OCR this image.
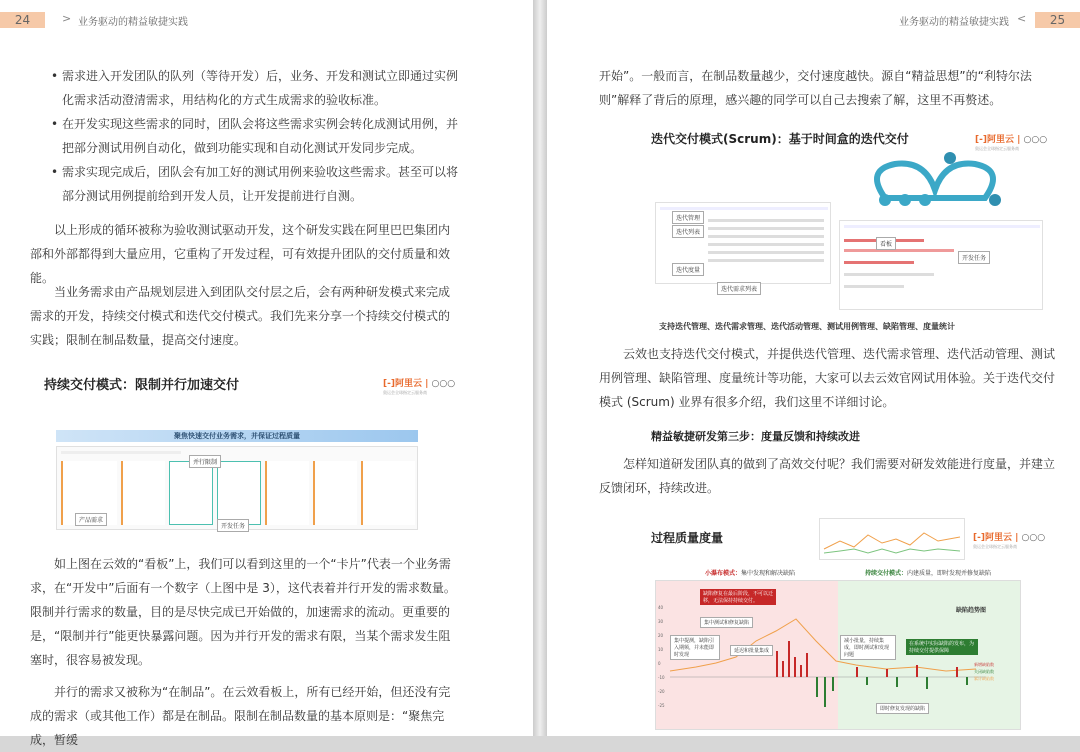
24	> 业务驱动的精益敏捷实践
• 需求进入开发团队的队列（等待开发）后，业务、开发和测试立即通过实例化需求活动澄清需求，用结构化的方式生成需求的验收标准。
• 在开发实现这些需求的同时，团队会将这些需求实例会转化成测试用例，并把部分测试用例自动化，做到功能实现和自动化测试开发同步完成。
• 需求实现完成后，团队会有加工好的测试用例来验收这些需求。甚至可以将部分测试用例提前给到开发人员，让开发提前进行自测。
以上形成的循环被称为验收测试驱动开发，这个研发实践在阿里巴巴集团内部和外部都得到大量应用，它重构了开发过程，可有效提升团队的交付质量和效能。
当业务需求由产品规划层进入到团队交付层之后，会有两种研发模式来完成需求的开发，持续交付模式和迭代交付模式。我们先来分享一个持续交付模式的实践；限制在制品数量，提高交付速度。
持续交付模式：限制并行加速交付	[-]阿里云 | ○○○
奥运会全球指定云服务商
聚焦快速交付业务需求，并保证过程质量
并行限制
产品需求
开发任务
如上图在云效的“看板”上，我们可以看到这里的一个“卡片”代表一个业务需求，在“开发中”后面有一个数字（上图中是 3），这代表着并行开发的需求数量。限制并行需求的数量，目的是尽快完成已开始做的，加速需求的流动。更重要的是，“限制并行”能更快暴露问题。因为并行开发的需求有限，当某个需求发生阻塞时，很容易被发现。
并行的需求又被称为“在制品”。在云效看板上，所有已经开始，但还没有完成的需求（或其他工作）都是在制品。限制在制品数量的基本原则是：“聚焦完成，暂缓
业务驱动的精益敏捷实践 <	25
开始”。一般而言，在制品数量越少，交付速度越快。源自“精益思想”的“利特尔法则”解释了背后的原理，感兴趣的同学可以自己去搜索了解，这里不再赘述。
迭代交付模式(Scrum)：基于时间盒的迭代交付	[-]阿里云 | ○○○
奥运会全球指定云服务商
迭代管理
迭代列表
迭代度量
迭代需求列表
看板
开发任务
支持迭代管理、迭代需求管理、迭代活动管理、测试用例管理、缺陷管理、度量统计
云效也支持迭代交付模式，并提供迭代管理、迭代需求管理、迭代活动管理、测试用例管理、缺陷管理、度量统计等功能，大家可以去云效官网试用体验。关于迭代交付模式 (Scrum) 业界有很多介绍，我们这里不详细讨论。
精益敏捷研发第三步：度量反馈和持续改进
怎样知道研发团队真的做到了高效交付呢？我们需要对研发效能进行度量，并建立反馈闭环，持续改进。
过程质量度量	[-]阿里云 | ○○○
奥运会全球指定云服务商
小瀑布模式：集中发现和解决缺陷	持续交付模式：内建质量，即时发现并修复缺陷
缺陷趋势图
缺陷修复在最后阶段，不可以迁移，无法保持持续交付。
集中测试和修复缺陷
集中提测，缺陷引入期频，并未能即时发现
延迟和批量集成
减小批量，持续集成，即时测试和发现问题
在系统中实际缺陷的发布，为持续交付提供保障
即时修复发现的缺陷
新增缺陷数
关闭缺陷数
累计缺陷数
40
30
20
10
0
-10
-20
-25
